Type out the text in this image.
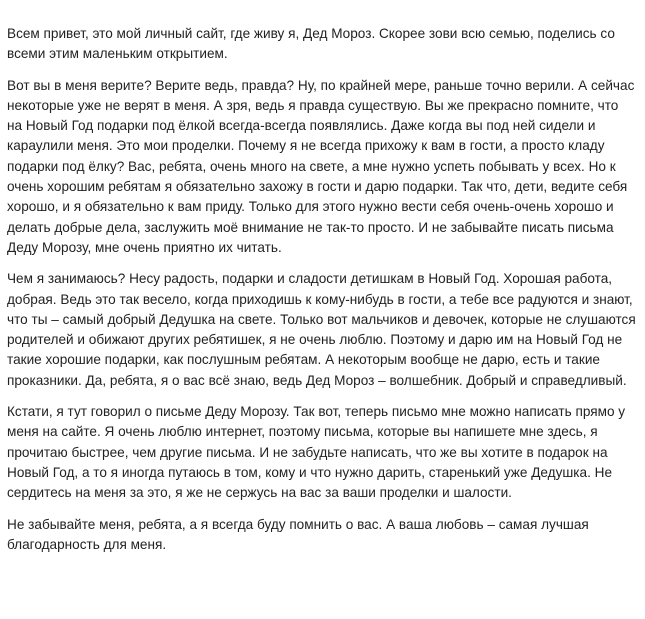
Всем привет, это мой личный сайт, где живу я, Дед Мороз. Скорее зови всю семью, поделись со всеми этим маленьким открытием.

Вот вы в меня верите? Верите ведь, правда? Ну, по крайней мере, раньше точно верили. А сейчас некоторые уже не верят в меня. А зря, ведь я правда существую. Вы же прекрасно помните, что на Новый Год подарки под ёлкой всегда-всегда появлялись. Даже когда вы под ней сидели и караулили меня. Это мои проделки. Почему я не всегда прихожу к вам в гости, а просто кладу подарки под ёлку? Вас, ребята, очень много на свете, а мне нужно успеть побывать у всех. Но к очень хорошим ребятам я обязательно захожу в гости и дарю подарки. Так что, дети, ведите себя хорошо, и я обязательно к вам приду. Только для этого нужно вести себя очень-очень хорошо и делать добрые дела, заслужить моё внимание не так-то просто. И не забывайте писать письма Деду Морозу, мне очень приятно их читать.

Чем я занимаюсь? Несу радость, подарки и сладости детишкам в Новый Год. Хорошая работа, добрая. Ведь это так весело, когда приходишь к кому-нибудь в гости, а тебе все радуются и знают, что ты – самый добрый Дедушка на свете. Только вот мальчиков и девочек, которые не слушаются родителей и обижают других ребятишек, я не очень люблю. Поэтому и дарю им на Новый Год не такие хорошие подарки, как послушным ребятам. А некоторым вообще не дарю, есть и такие проказники. Да, ребята, я о вас всё знаю, ведь Дед Мороз – волшебник. Добрый и справедливый.

Кстати, я тут говорил о письме Деду Морозу. Так вот, теперь письмо мне можно написать прямо у меня на сайте. Я очень люблю интернет, поэтому письма, которые вы напишете мне здесь, я прочитаю быстрее, чем другие письма. И не забудьте написать, что же вы хотите в подарок на Новый Год, а то я иногда путаюсь в том, кому и что нужно дарить, старенький уже Дедушка. Не сердитесь на меня за это, я же не сержусь на вас за ваши проделки и шалости.

Не забывайте меня, ребята, а я всегда буду помнить о вас. А ваша любовь – самая лучшая благодарность для меня.
